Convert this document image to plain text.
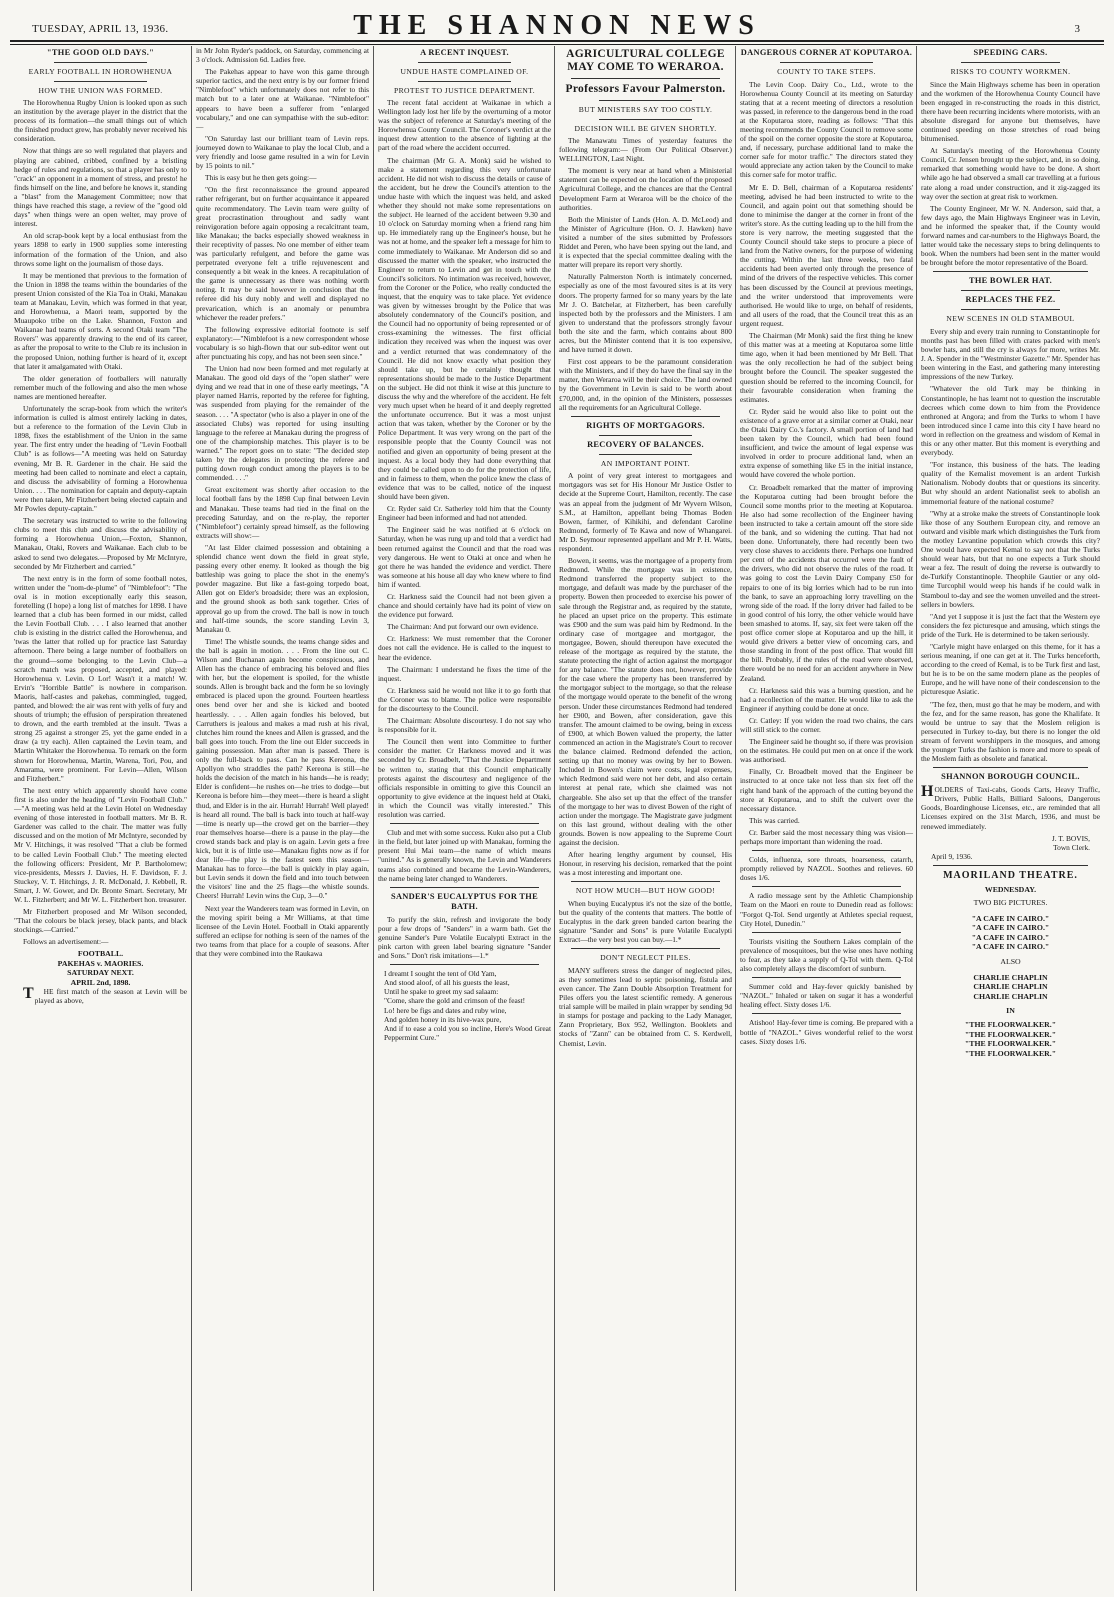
TUESDAY, APRIL 13, 1936.	THE SHANNON NEWS	3
"THE GOOD OLD DAYS."
EARLY FOOTBALL IN HOROWHENUA
HOW THE UNION WAS FORMED.

The Horowhenua Rugby Union is looked upon as such an institution by the average player in the district that the process of its formation—the small things out of which the finished product grew, has probably never received his consideration.

Now that things are so well regulated that players and playing are cabined, cribbed, confined by a bristling hedge of rules and regulations, so that a player has only to "crack" an opponent in a moment of stress, and presto! he finds himself on the line, and before he knows it, standing a "blast" from the Management Committee; now that things have reached this stage, a review of the "good old days" when things were an open welter, may prove of interest.

An old scrap-book kept by a local enthusiast from the years 1898 to early in 1900 supplies some interesting information of the formation of the Union, and also throws some light on the journalism of those days.

It may be mentioned that previous to the formation of the Union in 1898 the teams within the boundaries of the present Union consisted of the Kia Toa in Otaki, Manakau team at Manakau, Levin, which was formed in that year, and Horowhenua, a Maori team, supported by the Muaupoko tribe on the Lake. Shannon, Foxton and Waikanae had teams of sorts. A second Otaki team "The Rovers" was apparently drawing to the end of its career, as after the proposal to write to the Club re its inclusion in the proposed Union, nothing further is heard of it, except that later it amalgamated with Otaki.

The older generation of footballers will naturally remember much of the following and also the men whose names are mentioned hereafter.

Unfortunately the scrap-book from which the writer's information is culled is almost entirely lacking in dates, but a reference to the formation of the Levin Club in 1898, fixes the establishment of the Union in the same year. The first entry under the heading of "Levin Football Club" is as follows—"A meeting was held on Saturday evening, Mr B. R. Gardener in the chair. He said the meeting had been called to nominate and elect a captain, and discuss the advisability of forming a Horowhenua Union. . . . The nomination for captain and deputy-captain were then taken, Mr Fitzherbert being elected captain and Mr Powles deputy-captain."

The secretary was instructed to write to the following clubs to meet this club and discuss the advisability of forming a Horowhenua Union,—Foxton, Shannon, Manakau, Otaki, Rovers and Waikanae. Each club to be asked to send two delegates.—Proposed by Mr McIntyre, seconded by Mr Fitzherbert and carried."

The next entry is in the form of some football notes, written under the "nom-de-plume" of "Nimblefoot": "The oval is in motion exceptionally early this season, foretelling (I hope) a long list of matches for 1898. I have learned that a club has been formed in our midst, called the Levin Football Club. . . . I also learned that another club is existing in the district called the Horowhenua, and 'twas the latter that rolled up for practice last Saturday afternoon. There being a large number of footballers on the ground—some belonging to the Levin Club—a scratch match was proposed, accepted, and played: Horowhenua v. Levin. O Lor! Wasn't it a match! W. Ervin's "Horrible Battle" is nowhere in comparison. Maoris, half-castes and pakehas, commingled, tugged, panted, and blowed: the air was rent with yells of fury and shouts of triumph; the effusion of perspiration threatened to drown, and the earth trembled at the insult. 'Twas a strong 25 against a stronger 25, yet the game ended in a draw (a try each). Allen captained the Levin team, and Martin Whitaker the Horowhenua. To remark on the form shown for Horowhenua, Martin, Warena, Tori, Pou, and Amarama, were prominent. For Levin—Allen, Wilson and Fitzherbert."

The next entry which apparently should have come first is also under the heading of "Levin Football Club." —"A meeting was held at the Levin Hotel on Wednesday evening of those interested in football matters. Mr B. R. Gardener was called to the chair. The matter was fully discussed and on the motion of Mr McIntyre, seconded by Mr V. Hitchings, it was resolved "That a club be formed to be called Levin Football Club." The meeting elected the following officers: President, Mr P. Bartholomew; vice-presidents, Messrs J. Davies, H. F. Davidson, F. J. Stuckey, V. T. Hitchings, J. R. McDonald, J. Kebbell, R. Smart, J. W. Gower, and Dr. Bronte Smart. Secretary, Mr W. L. Fitzherbert; and Mr W. L. Fitzherbert hon. treasurer.

Mr Fitzherbert proposed and Mr Wilson seconded, "That the colours be black jersey, black pants, and black stockings.—Carried."

Follows an advertisement:—

FOOTBALL.
PAKEHAS v. MAORIES.
SATURDAY NEXT.
APRIL 2nd, 1898.

THE first match of the season at Levin will be played as above,

in Mr John Ryder's paddock, on Saturday, commencing at 3 o'clock. Admission 6d. Ladies free.

The Pakehas appear to have won this game through superior tactics, and the next entry is by our former friend "Nimblefoot" which unfortunately does not refer to this match but to a later one at Waikanae. "Nimblefoot" appears to have been a sufferer from "enlarged vocabulary," and one can sympathise with the sub-editor:—

"On Saturday last our brilliant team of Levin reps. journeyed down to Waikanae to play the local Club, and a very friendly and loose game resulted in a win for Levin by 15 points to nil."

This is easy but he then gets going:—

"On the first reconnaissance the ground appeared rather refrigerant, but on further acquaintance it appeared quite recommendatory. The Levin team were guilty of great procrastination throughout and sadly want reinvigoration before again opposing a recalcitrant team, like Manakau; the backs especially showed weakness in their receptivity of passes. No one member of either team was particularly refulgent, and before the game was perpetrated everyone felt a trifle rejuvenescent and consequently a bit weak in the knees. A recapitulation of the game is unnecessary as there was nothing worth noting. It may be said however in conclusion that the referee did his duty nobly and well and displayed no prevarication, which is an anomaly or penumbra whichever the reader prefers."

The following expressive editorial footnote is self explanatory:—"Nimblefoot is a new correspondent whose vocabulary is so high-flown that our sub-editor went out after punctuating his copy, and has not been seen since."

The Union had now been formed and met regularly at Manakau. The good old days of the "open slather" were dying and we read that in one of these early meetings, "A player named Harris, reported by the referee for fighting, was suspended from playing for the remainder of the season. . . . "A spectator (who is also a player in one of the associated Clubs) was reported for using insulting language to the referee at Manakau during the progress of one of the championship matches. This player is to be warned." The report goes on to state: "The decided step taken by the delegates in protecting the referee and putting down rough conduct among the players is to be commended. . . ."

Great excitement was shortly after occasion to the local football fans by the 1898 Cup final between Levin and Manakau. These teams had tied in the final on the preceding Saturday, and on the re-play, the reporter ("Nimblefoot") certainly spread himself, as the following extracts will show:—

"At last Elder claimed possession and obtaining a splendid chance went down the field in great style, passing every other enemy. It looked as though the big battleship was going to place the shot in the enemy's powder magazine. But like a fast-going torpedo boat, Allen got on Elder's broadside; there was an explosion, and the ground shook as both sank together. Cries of approval go up from the crowd. The ball is now in touch and half-time sounds, the score standing Levin 3, Manakau 0.

Time! The whistle sounds, the teams change sides and the ball is again in motion. . . . From the line out C. Wilson and Buchanan again become conspicuous, and Allen has the chance of embracing his beloved and flies with her, but the elopement is spoiled, for the whistle sounds. Allen is brought back and the form he so lovingly embraced is placed upon the ground. Fourteen heartless ones bend over her and she is kicked and booted heartlessly. . . . Allen again fondles his beloved, but Carruthers is jealous and makes a mad rush at his rival, clutches him round the knees and Allen is grassed, and the ball goes into touch. From the line out Elder succeeds in gaining possession. Man after man is passed. There is only the full-back to pass. Can he pass Kereona, the Apollyon who straddles the path? Kereona is still—he holds the decision of the match in his hands—he is ready; Elder is confident—he rushes on—he tries to dodge—but Kereona is before him—they meet—there is heard a slight thud, and Elder is in the air. Hurrah! Hurrah! Well played! is heard all round. The ball is back into touch at half-way—time is nearly up—the crowd get on the barrier—they roar themselves hoarse—there is a pause in the play—the crowd stands back and play is on again. Levin gets a free kick, but it is of little use—Manakau fights now as if for dear life—the play is the fastest seen this season—Manakau has to force—the ball is quickly in play again, but Levin sends it down the field and into touch between the visitors' line and the 25 flags—the whistle sounds. Cheers! Hurrah! Levin wins the Cup, 3—0."

Next year the Wanderers team was formed in Levin, on the moving spirit being a Mr Williams, at that time licensee of the Levin Hotel. Football in Otaki apparently suffered an eclipse for nothing is seen of the names of the two teams from that place for a couple of seasons. After that they were combined into the Raukawa

A RECENT INQUEST.
UNDUE HASTE COMPLAINED OF.
PROTEST TO JUSTICE DEPARTMENT.

The recent fatal accident at Waikanae in which a Wellington lady lost her life by the overturning of a motor was the subject of reference at Saturday's meeting of the Horowhenua County Council. The Coroner's verdict at the inquest drew attention to the absence of lighting at the part of the road where the accident occurred.

The chairman (Mr G. A. Monk) said he wished to make a statement regarding this very unfortunate accident. He did not wish to discuss the details or cause of the accident, but he drew the Council's attention to the undue haste with which the inquest was held, and asked whether they should not make some representations on the subject. He learned of the accident between 9.30 and 10 o'clock on Saturday morning when a friend rang him up. He immediately rang up the Engineer's house, but he was not at home, and the speaker left a message for him to come immediately to Waikanae. Mr Anderson did so and discussed the matter with the speaker, who instructed the Engineer to return to Levin and get in touch with the Council's solicitors. No intimation was received, however, from the Coroner or the Police, who really conducted the inquest, that the enquiry was to take place. Yet evidence was given by witnesses brought by the Police that was absolutely condemnatory of the Council's position, and the Council had no opportunity of being represented or of cross-examining the witnesses. The first official indication they received was when the inquest was over and a verdict returned that was condemnatory of the Council. He did not know exactly what position they should take up, but he certainly thought that representations should be made to the Justice Department on the subject. He did not think it wise at this juncture to discuss the why and the wherefore of the accident. He felt very much upset when he heard of it and deeply regretted the unfortunate occurrence. But it was a most unjust action that was taken, whether by the Coroner or by the Police Department. It was very wrong on the part of the responsible people that the County Council was not notified and given an opportunity of being present at the inquest. As a local body they had done everything that they could be called upon to do for the protection of life, and in fairness to them, when the police knew the class of evidence that was to be called, notice of the inquest should have been given.

Cr. Ryder said Cr. Satherley told him that the County Engineer had been informed and had not attended.

The Engineer said he was notified at 6 o'clock on Saturday, when he was rung up and told that a verdict had been returned against the Council and that the road was very dangerous. He went to Otaki at once and when he got there he was handed the evidence and verdict. There was someone at his house all day who knew where to find him if wanted.

Cr. Harkness said the Council had not been given a chance and should certainly have had its point of view on the evidence put forward.

The Chairman: And put forward our own evidence.

Cr. Harkness: We must remember that the Coroner does not call the evidence. He is called to the inquest to hear the evidence.

The Chairman: I understand he fixes the time of the inquest.

Cr. Harkness said he would not like it to go forth that the Coroner was to blame. The police were responsible for the discourtesy to the Council.

The Chairman: Absolute discourtesy. I do not say who is responsible for it.

The Council then went into Committee to further consider the matter. Cr Harkness moved and it was seconded by Cr. Broadbelt, "That the Justice Department be written to, stating that this Council emphatically protests against the discourtesy and negligence of the officials responsible in omitting to give this Council an opportunity to give evidence at the inquest held at Otaki, in which the Council was vitally interested." This resolution was carried.

Club and met with some success. Kuku also put a Club in the field, but later joined up with Manakau, forming the present Hui Mai team—the name of which means "united." As is generally known, the Levin and Wanderers teams also combined and became the Levin-Wanderers, the name being later changed to Wanderers.

SANDER'S EUCALYPTUS FOR THE BATH.

To purify the skin, refresh and invigorate the body pour a few drops of "Sanders" in a warm bath. Get the genuine Sander's Pure Volatile Eucalypti Extract in the pink carton with green label bearing signature "Sander and Sons." Don't risk imitations—1.*

I dreamt I sought the tent of Old Yam,
And stood aloof, of all his guests the least,
Until he spake to greet my sad salaam:
"Come, share the gold and crimson of the feast!
Lo! here be figs and dates and ruby wine,
And golden honey in its hive-wax pure,
And if to ease a cold you so incline, Here's Wood Great Peppermint Cure."
AGRICULTURAL COLLEGE MAY COME TO WERAROA.
Professors Favour Palmerston.
BUT MINISTERS SAY TOO COSTLY.
DECISION WILL BE GIVEN SHORTLY.

The Manawatu Times of yesterday features the following telegram:— (From Our Political Observer.) WELLINGTON, Last Night.

The moment is very near at hand when a Ministerial statement can be expected on the location of the proposed Agricultural College, and the chances are that the Central Development Farm at Weraroa will be the choice of the authorities.

Both the Minister of Lands (Hon. A. D. McLeod) and the Minister of Agriculture (Hon. O. J. Hawken) have visited a number of the sites submitted by Professors Riddet and Peren, who have been spying out the land, and it is expected that the special committee dealing with the matter will prepare its report very shortly.

Naturally Palmerston North is intimately concerned, especially as one of the most favoured sites is at its very doors. The property farmed for so many years by the late Mr J. O. Batchelar, at Fitzherbert, has been carefully inspected both by the professors and the Ministers. I am given to understand that the professors strongly favour both the site and the farm, which contains about 800 acres, but the Minister contend that it is too expensive, and have turned it down.

First cost appears to be the paramount consideration with the Ministers, and if they do have the final say in the matter, then Weraroa will be their choice. The land owned by the Government in Levin is said to be worth about £70,000, and, in the opinion of the Ministers, possesses all the requirements for an Agricultural College.

RIGHTS OF MORTGAGORS.
RECOVERY OF BALANCES.
AN IMPORTANT POINT.

A point of very great interest to mortgagees and mortgagors was set for His Honour Mr Justice Ostler to decide at the Supreme Court, Hamilton, recently. The case was an appeal from the judgment of Mr Wyvern Wilson, S.M., at Hamilton, appellant being Thomas Boden Bowen, farmer, of Kihikihi, and defendant Caroline Redmond, formerly of Te Kawa and now of Whangarei. Mr D. Seymour represented appellant and Mr P. H. Watts, respondent.

Bowen, it seems, was the mortgagee of a property from Redmond. While the mortgage was in existence, Redmond transferred the property subject to the mortgage, and default was made by the purchaser of the property. Bowen then proceeded to exercise his power of sale through the Registrar and, as required by the statute, he placed an upset price on the property. This estimate was £900 and the sum was paid him by Redmond. In the ordinary case of mortgagee and mortgagor, the mortgagee, Bowen, should thereupon have executed the release of the mortgage as required by the statute, the statute protecting the right of action against the mortgagor for any balance. "The statute does not, however, provide for the case where the property has been transferred by the mortgagor subject to the mortgage, so that the release of the mortgage would operate to the benefit of the wrong person. Under these circumstances Redmond had tendered her £900, and Bowen, after consideration, gave this transfer. The amount claimed to be owing, being in excess of £900, at which Bowen valued the property, the latter commenced an action in the Magistrate's Court to recover the balance claimed. Redmond defended the action, setting up that no money was owing by her to Bowen. Included in Bowen's claim were costs, legal expenses, which Redmond said were not her debt, and also certain interest at penal rate, which she claimed was not chargeable. She also set up that the effect of the transfer of the mortgage to her was to divest Bowen of the right of action under the mortgage. The Magistrate gave judgment on this last ground, without dealing with the other grounds. Bowen is now appealing to the Supreme Court against the decision.

After hearing lengthy argument by counsel, His Honour, in reserving his decision, remarked that the point was a most interesting and important one.

NOT HOW MUCH—BUT HOW GOOD!

When buying Eucalyptus it's not the size of the bottle, but the quality of the contents that matters. The bottle of Eucalyptus in the dark green banded carton bearing the signature "Sander and Sons" is pure Volatile Eucalypti Extract—the very best you can buy.—1.*

DON'T NEGLECT PILES.

MANY sufferers stress the danger of neglected piles, as they sometimes lead to septic poisoning, fistula and even cancer. The Zann Double Absorption Treatment for Piles offers you the latest scientific remedy. A generous trial sample will be mailed in plain wrapper by sending 9d in stamps for postage and packing to the Lady Manager, Zann Proprietary, Box 952, Wellington. Booklets and stocks of "Zann" can be obtained from C. S. Kerdwell, Chemist, Levin.

DANGEROUS CORNER AT KOPUTAROA.
COUNTY TO TAKE STEPS.

The Levin Coop. Dairy Co., Ltd., wrote to the Horowhenua County Council at its meeting on Saturday stating that at a recent meeting of directors a resolution was passed, in reference to the dangerous bend in the road at the Koputaroa store, reading as follows: "That this meeting recommends the County Council to remove some of the spoil on the corner opposite the store at Koputaroa, and, if necessary, purchase additional land to make the corner safe for motor traffic." The directors stated they would appreciate any action taken by the Council to make this corner safe for motor traffic.

Mr E. D. Bell, chairman of a Koputaroa residents' meeting, advised he had been instructed to write to the Council, and again point out that something should be done to minimise the danger at the corner in front of the writer's store. As the cutting leading up to the hill from the store is very narrow, the meeting suggested that the County Council should take steps to procure a piece of land from the Native owners, for the purpose of widening the cutting. Within the last three weeks, two fatal accidents had been averted only through the presence of mind of the drivers of the respective vehicles. This corner has been discussed by the Council at previous meetings, and the writer understood that improvements were authorised. He would like to urge, on behalf of residents, and all users of the road, that the Council treat this as an urgent request.

The Chairman (Mr Monk) said the first thing he knew of this matter was at a meeting at Koputaroa some little time ago, when it had been mentioned by Mr Bell. That was the only recollection he had of the subject being brought before the Council. The speaker suggested the question should be referred to the incoming Council, for their favourable consideration when framing the estimates.

Cr. Ryder said he would also like to point out the existence of a grave error at a similar corner at Otaki, near the Otaki Dairy Co.'s factory. A small portion of land had been taken by the Council, which had been found insufficient, and twice the amount of legal expense was involved in order to procure additional land, when an extra expense of something like £5 in the initial instance, would have covered the whole portion.

Cr. Broadbelt remarked that the matter of improving the Koputaroa cutting had been brought before the Council some months prior to the meeting at Koputaroa. He also had some recollection of the Engineer having been instructed to take a certain amount off the store side of the bank, and so widening the cutting. That had not been done. Unfortunately, there had recently been two very close shaves to accidents there. Perhaps one hundred per cent of the accidents that occurred were the fault of the drivers, who did not observe the rules of the road. It was going to cost the Levin Dairy Company £50 for repairs to one of its big lorries which had to be run into the bank, to save an approaching lorry travelling on the wrong side of the road. If the lorry driver had failed to be in good control of his lorry, the other vehicle would have been smashed to atoms. If, say, six feet were taken off the post office corner slope at Koputaroa and up the hill, it would give drivers a better view of oncoming cars, and those standing in front of the post office. That would fill the bill. Probably, if the rules of the road were observed, there would be no need for an accident anywhere in New Zealand.

Cr. Harkness said this was a burning question, and he had a recollection of the matter. He would like to ask the Engineer if anything could be done at once.

Cr. Catley: If you widen the road two chains, the cars will still stick to the corner.

The Engineer said he thought so, if there was provision on the estimates. He could put men on at once if the work was authorised.

Finally, Cr. Broadbelt moved that the Engineer be instructed to at once take not less than six feet off the right hand bank of the approach of the cutting beyond the store at Koputaroa, and to shift the culvert over the necessary distance.

This was carried.

Cr. Barber said the most necessary thing was vision—perhaps more important than widening the road.

Colds, influenza, sore throats, hoarseness, catarrh, promptly relieved by NAZOL. Soothes and relieves. 60 doses 1/6.

A radio message sent by the Athletic Championship Team on the Maori en route to Dunedin read as follows: "Forgot Q-Tol. Send urgently at Athletes special request, City Hotel, Dunedin."

Tourists visiting the Southern Lakes complain of the prevalence of mosquitoes, but the wise ones have nothing to fear, as they take a supply of Q-Tol with them. Q-Tol also completely allays the discomfort of sunburn.

Summer cold and Hay-fever quickly banished by "NAZOL." Inhaled or taken on sugar it has a wonderful healing effect. Sixty doses 1/6.

Atishoo! Hay-fever time is coming. Be prepared with a bottle of "NAZOL." Gives wonderful relief to the worst cases. Sixty doses 1/6.

SPEEDING CARS.
RISKS TO COUNTY WORKMEN.

Since the Main Highways scheme has been in operation and the workmen of the Horowhenua County Council have been engaged in re-constructing the roads in this district, there have been recurring incidents where motorists, with an absolute disregard for anyone but themselves, have continued speeding on those stretches of road being bitumenised.

At Saturday's meeting of the Horowhenua County Council, Cr. Jensen brought up the subject, and, in so doing, remarked that something would have to be done. A short while ago he had observed a small car travelling at a furious rate along a road under construction, and it zig-zagged its way over the section at great risk to workmen.

The County Engineer, Mr W. N. Anderson, said that, a few days ago, the Main Highways Engineer was in Levin, and he informed the speaker that, if the County would forward names and car-numbers to the Highways Board, the latter would take the necessary steps to bring delinquents to book. When the numbers had been sent in the matter would be brought before the motor representative of the Board.

THE BOWLER HAT.
REPLACES THE FEZ.
NEW SCENES IN OLD STAMBOUL

Every ship and every train running to Constantinople for months past has been filled with crates packed with men's bowler hats, and still the cry is always for more, writes Mr. J. A. Spender in the "Westminster Gazette." Mr. Spender has been wintering in the East, and gathering many interesting impressions of the new Turkey.

"Whatever the old Turk may be thinking in Constantinople, he has learnt not to question the inscrutable decrees which come down to him from the Providence enthroned at Angora; and from the Turks to whom I have been introduced since I came into this city I have heard no word in reflection on the greatness and wisdom of Kemal in this or any other matter. But this moment is everything and everybody.

"For instance, this business of the hats. The leading quality of the Kemalist movement is an ardent Turkish Nationalism. Nobody doubts that or questions its sincerity. But why should an ardent Nationalist seek to abolish an immemorial feature of the national costume?

"Why at a stroke make the streets of Constantinople look like those of any Southern European city, and remove an outward and visible mark which distinguishes the Turk from the motley Levantine population which crowds this city? One would have expected Kemal to say not that the Turks should wear hats, but that no one expects a Turk should wear a fez. The result of doing the reverse is outwardly to de-Turkify Constantinople. Theophile Gautier or any old-time Turcophil would weep his hands if he could walk in Stamboul to-day and see the women unveiled and the street-sellers in bowlers.

"And yet I suppose it is just the fact that the Western eye considers the fez picturesque and amusing, which stings the pride of the Turk. He is determined to be taken seriously.

"Carlyle might have enlarged on this theme, for it has a serious meaning, if one can get at it. The Turks henceforth, according to the creed of Kemal, is to be Turk first and last, but he is to be on the same modern plane as the peoples of Europe, and he will have none of their condescension to the picturesque Asiatic.

"The fez, then, must go that he may be modern, and with the fez, and for the same reason, has gone the Khalifate. It would be untrue to say that the Moslem religion is persecuted in Turkey to-day, but there is no longer the old stream of fervent worshippers in the mosques, and among the younger Turks the fashion is more and more to speak of the Moslem faith as obsolete and fanatical.

SHANNON BOROUGH COUNCIL.

HOLDERS of Taxi-cabs, Goods Carts, Heavy Traffic, Drivers, Public Halls, Billiard Saloons, Dangerous Goods, Boardinghouse Licenses, etc., are reminded that all Licenses expired on the 31st March, 1936, and must be renewed immediately.

J. T. BOVIS,
Town Clerk.
April 9, 1936.
MAORILAND THEATRE.
WEDNESDAY.
TWO BIG PICTURES.
"A CAFE IN CAIRO."
"A CAFE IN CAIRO."
"A CAFE IN CAIRO."
"A CAFE IN CAIRO."
ALSO
CHARLIE CHAPLIN
CHARLIE CHAPLIN
CHARLIE CHAPLIN
IN
"THE FLOORWALKER."
"THE FLOORWALKER."
"THE FLOORWALKER."
"THE FLOORWALKER."
